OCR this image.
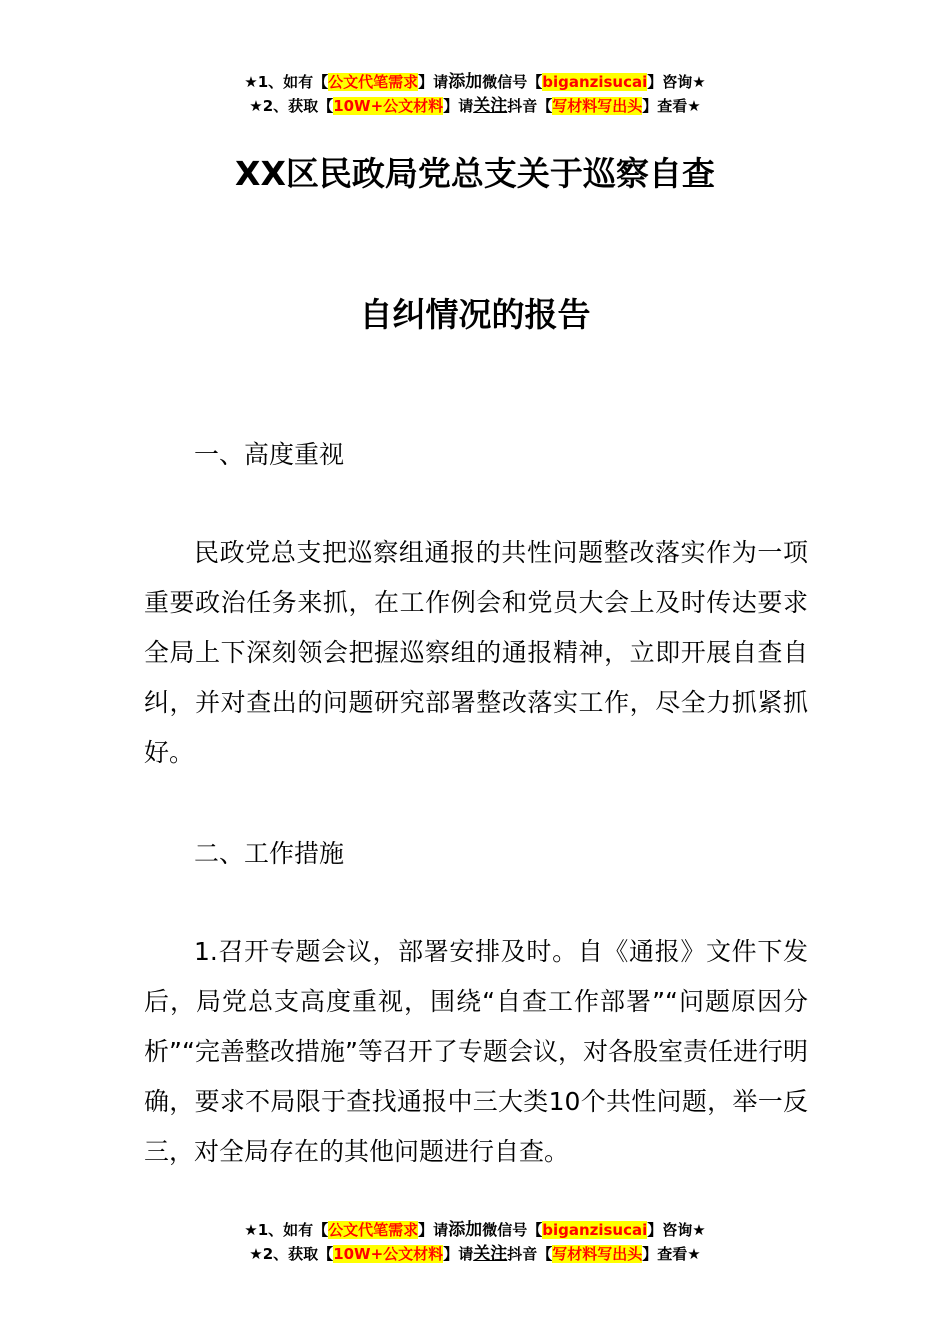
★1、如有【公文代笔需求】请添加微信号【biganzisucai】咨询★
★2、获取【10W+公文材料】请关注抖音【写材料写出头】查看★
XX区民政局党总支关于巡察自查
自纠情况的报告
一、高度重视

民政党总支把巡察组通报的共性问题整改落实作为一项重要政治任务来抓，在工作例会和党员大会上及时传达要求全局上下深刻领会把握巡察组的通报精神，立即开展自查自纠，并对查出的问题研究部署整改落实工作，尽全力抓紧抓好。

二、工作措施

1.召开专题会议，部署安排及时。自《通报》文件下发后，局党总支高度重视，围绕“自查工作部署”“问题原因分析”“完善整改措施”等召开了专题会议，对各股室责任进行明确，要求不局限于查找通报中三大类10个共性问题，举一反三，对全局存在的其他问题进行自查。

★1、如有【公文代笔需求】请添加微信号【biganzisucai】咨询★
★2、获取【10W+公文材料】请关注抖音【写材料写出头】查看★
